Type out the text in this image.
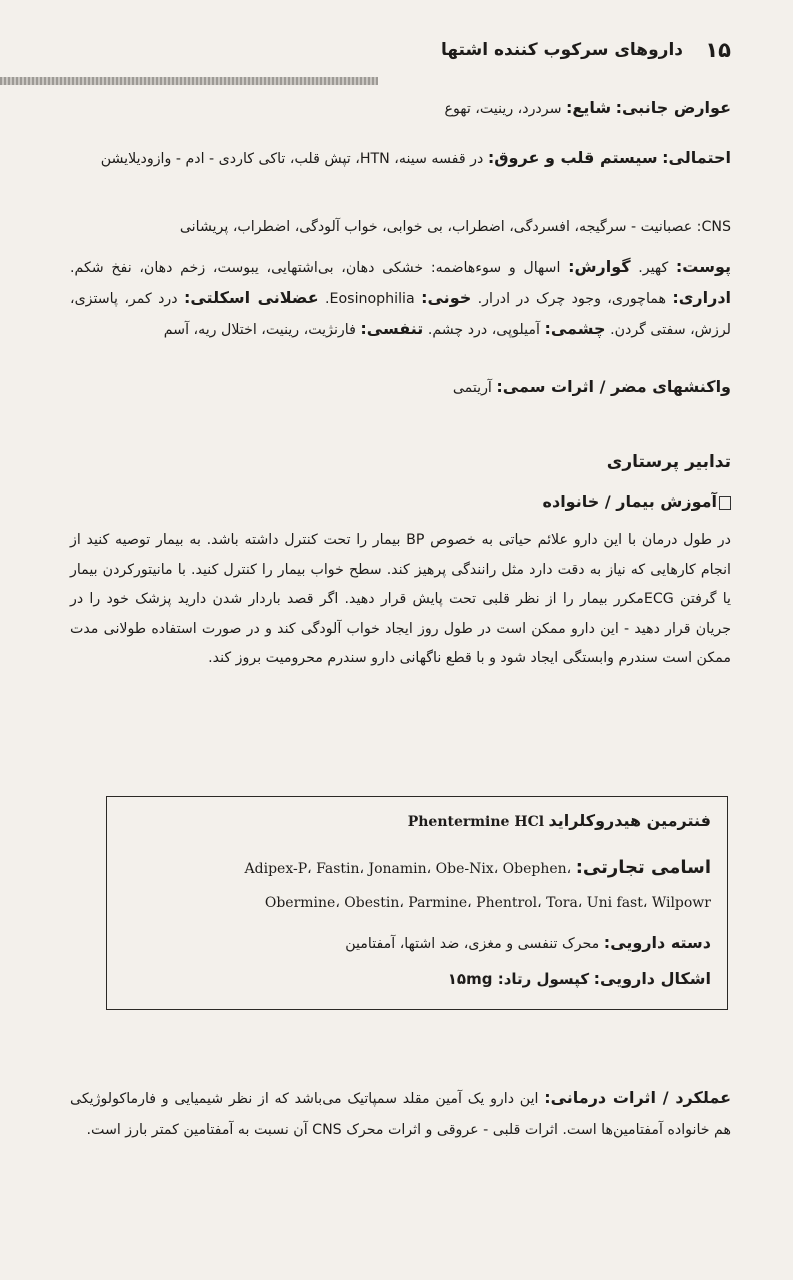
۱۵
داروهای سرکوب کننده اشتها
عوارض جانبی: شایع: سردرد، رینیت، تهوع
احتمالی: سیستم قلب و عروق: در قفسه سینه، HTN، تپش قلب، تاکی کاردی - ادم - وازودیلایشن
CNS: عصبانیت - سرگیجه، افسردگی، اضطراب، بی خوابی، خواب آلودگی، اضطراب، پریشانی
پوست: کهیر. گوارش: اسهال و سوءهاضمه: خشکی دهان، بی‌اشتهایی، یبوست، زخم دهان، نفخ شکم. ادراری: هماچوری، وجود چرک در ادرار. خونی: Eosinophilia. عضلانی اسکلتی: درد کمر، پاستزی، لرزش، سفتی گردن. چشمی: آمیلوپی، درد چشم. تنفسی: فارنژیت، رینیت، اختلال ریه، آسم
واکنشهای مضر / اثرات سمی: آریتمی
تدابیر پرستاری
آموزش بیمار / خانواده
در طول درمان با این دارو علائم حیاتی به خصوص BP بیمار را تحت کنترل داشته باشد. به بیمار توصیه کنید از انجام کارهایی که نیاز به دقت دارد مثل رانندگی پرهیز کند. سطح خواب بیمار را کنترل کنید. با مانیتورکردن بیمار یا گرفتن ECGمکرر بیمار را از نظر قلبی تحت پایش قرار دهید. اگر قصد باردار شدن دارید پزشک خود را در جریان قرار دهید - این دارو ممکن است در طول روز ایجاد خواب آلودگی کند و در صورت استفاده طولانی مدت ممکن است سندرم وابستگی ایجاد شود و با قطع ناگهانی دارو سندرم محرومیت بروز کند.
فنترمین هیدروکلراید Phentermine HCl
اسامی تجارتی: Adipex-P، Fastin، Jonamin، Obe-Nix، Obephen،
Obermine، Obestin، Parmine، Phentrol، Tora، Uni fast، Wilpowr
دسته دارویی: محرک تنفسی و مغزی، ضد اشتها، آمفتامین
اشکال دارویی: کپسول رتاد: ۱۵mg
عملکرد / اثرات درمانی: این دارو یک آمین مقلد سمپاتیک می‌باشد که از نظر شیمیایی و فارماکولوژیکی هم خانواده آمفتامین‌ها است. اثرات قلبی - عروقی و اثرات محرک CNS آن نسبت به آمفتامین کمتر بارز است.
